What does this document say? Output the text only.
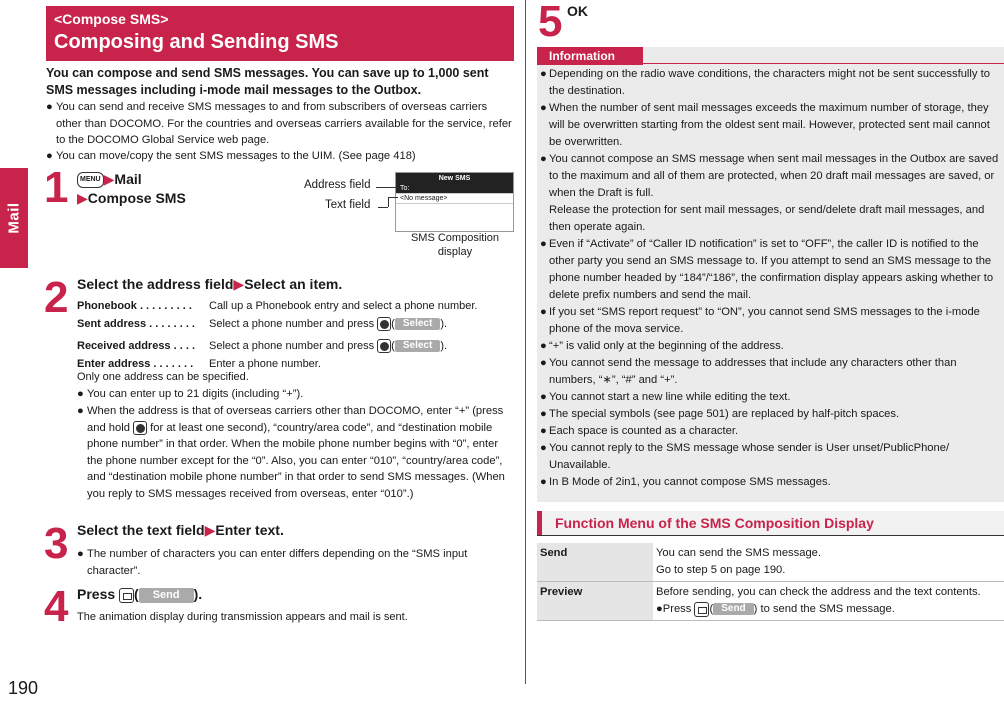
Mail
190
<Compose SMS>
Composing and Sending SMS
You can compose and send SMS messages. You can save up to 1,000 sent SMS messages including i-mode mail messages to the Outbox.
● You can send and receive SMS messages to and from subscribers of overseas carriers other than DOCOMO. For the countries and overseas carriers available for the service, refer to the DOCOMO Global Service web page.
● You can move/copy the sent SMS messages to the UIM. (See page 418)
1	MENU ▶Mail
▶Compose SMS
New SMS
To:
<No message>
Address field
Text field
SMS Composition display
2 Select the address field▶Select an item.
Phonebook . . . . . . . . . Call up a Phonebook entry and select a phone number.
Sent address . . . . . . . . Select a phone number and press ( Select ).
Received address . . . . Select a phone number and press ( Select ).
Enter address . . . . . . . Enter a phone number.
Only one address can be specified.
● You can enter up to 21 digits (including “+”).
● When the address is that of overseas carriers other than DOCOMO, enter “+” (press and hold for at least one second), “country/area code”, and “destination mobile phone number” in that order. When the mobile phone number begins with “0”, enter the phone number except for the “0”. Also, you can enter “010”, “country/area code”, and “destination mobile phone number” in that order to send SMS messages. (When you reply to SMS messages received from overseas, enter “010”.)
3 Select the text field▶Enter text.
● The number of characters you can enter differs depending on the “SMS input character”.
4 Press ( Send ).
The animation display during transmission appears and mail is sent.
5 OK
Information

● Depending on the radio wave conditions, the characters might not be sent successfully to the destination.

● When the number of sent mail messages exceeds the maximum number of storage, they will be overwritten starting from the oldest sent mail. However, protected sent mail cannot be overwritten.

● You cannot compose an SMS message when sent mail messages in the Outbox are saved to the maximum and all of them are protected, when 20 draft mail messages are saved, or when the Draft is full.
Release the protection for sent mail messages, or send/delete draft mail messages, and then operate again.

● Even if “Activate” of “Caller ID notification” is set to “OFF”, the caller ID is notified to the other party you send an SMS message to. If you attempt to send an SMS message to the phone number headed by “184”/“186”, the confirmation display appears asking whether to delete prefix numbers and send the mail.

● If you set “SMS report request” to “ON”, you cannot send SMS messages to the i-mode phone of the mova service.

● “+” is valid only at the beginning of the address.

● You cannot send the message to addresses that include any characters other than numbers, “∗”, “#” and “+”.

● You cannot start a new line while editing the text.

● The special symbols (see page 501) are replaced by half-pitch spaces.

● Each space is counted as a character.

● You cannot reply to the SMS message whose sender is User unset/PublicPhone/ Unavailable.

● In B Mode of 2in1, you cannot compose SMS messages.

Function Menu of the SMS Composition Display
Send	You can send the SMS message.
Go to step 5 on page 190.
Preview	Before sending, you can check the address and the text contents.
●Press ( Send ) to send the SMS message.
